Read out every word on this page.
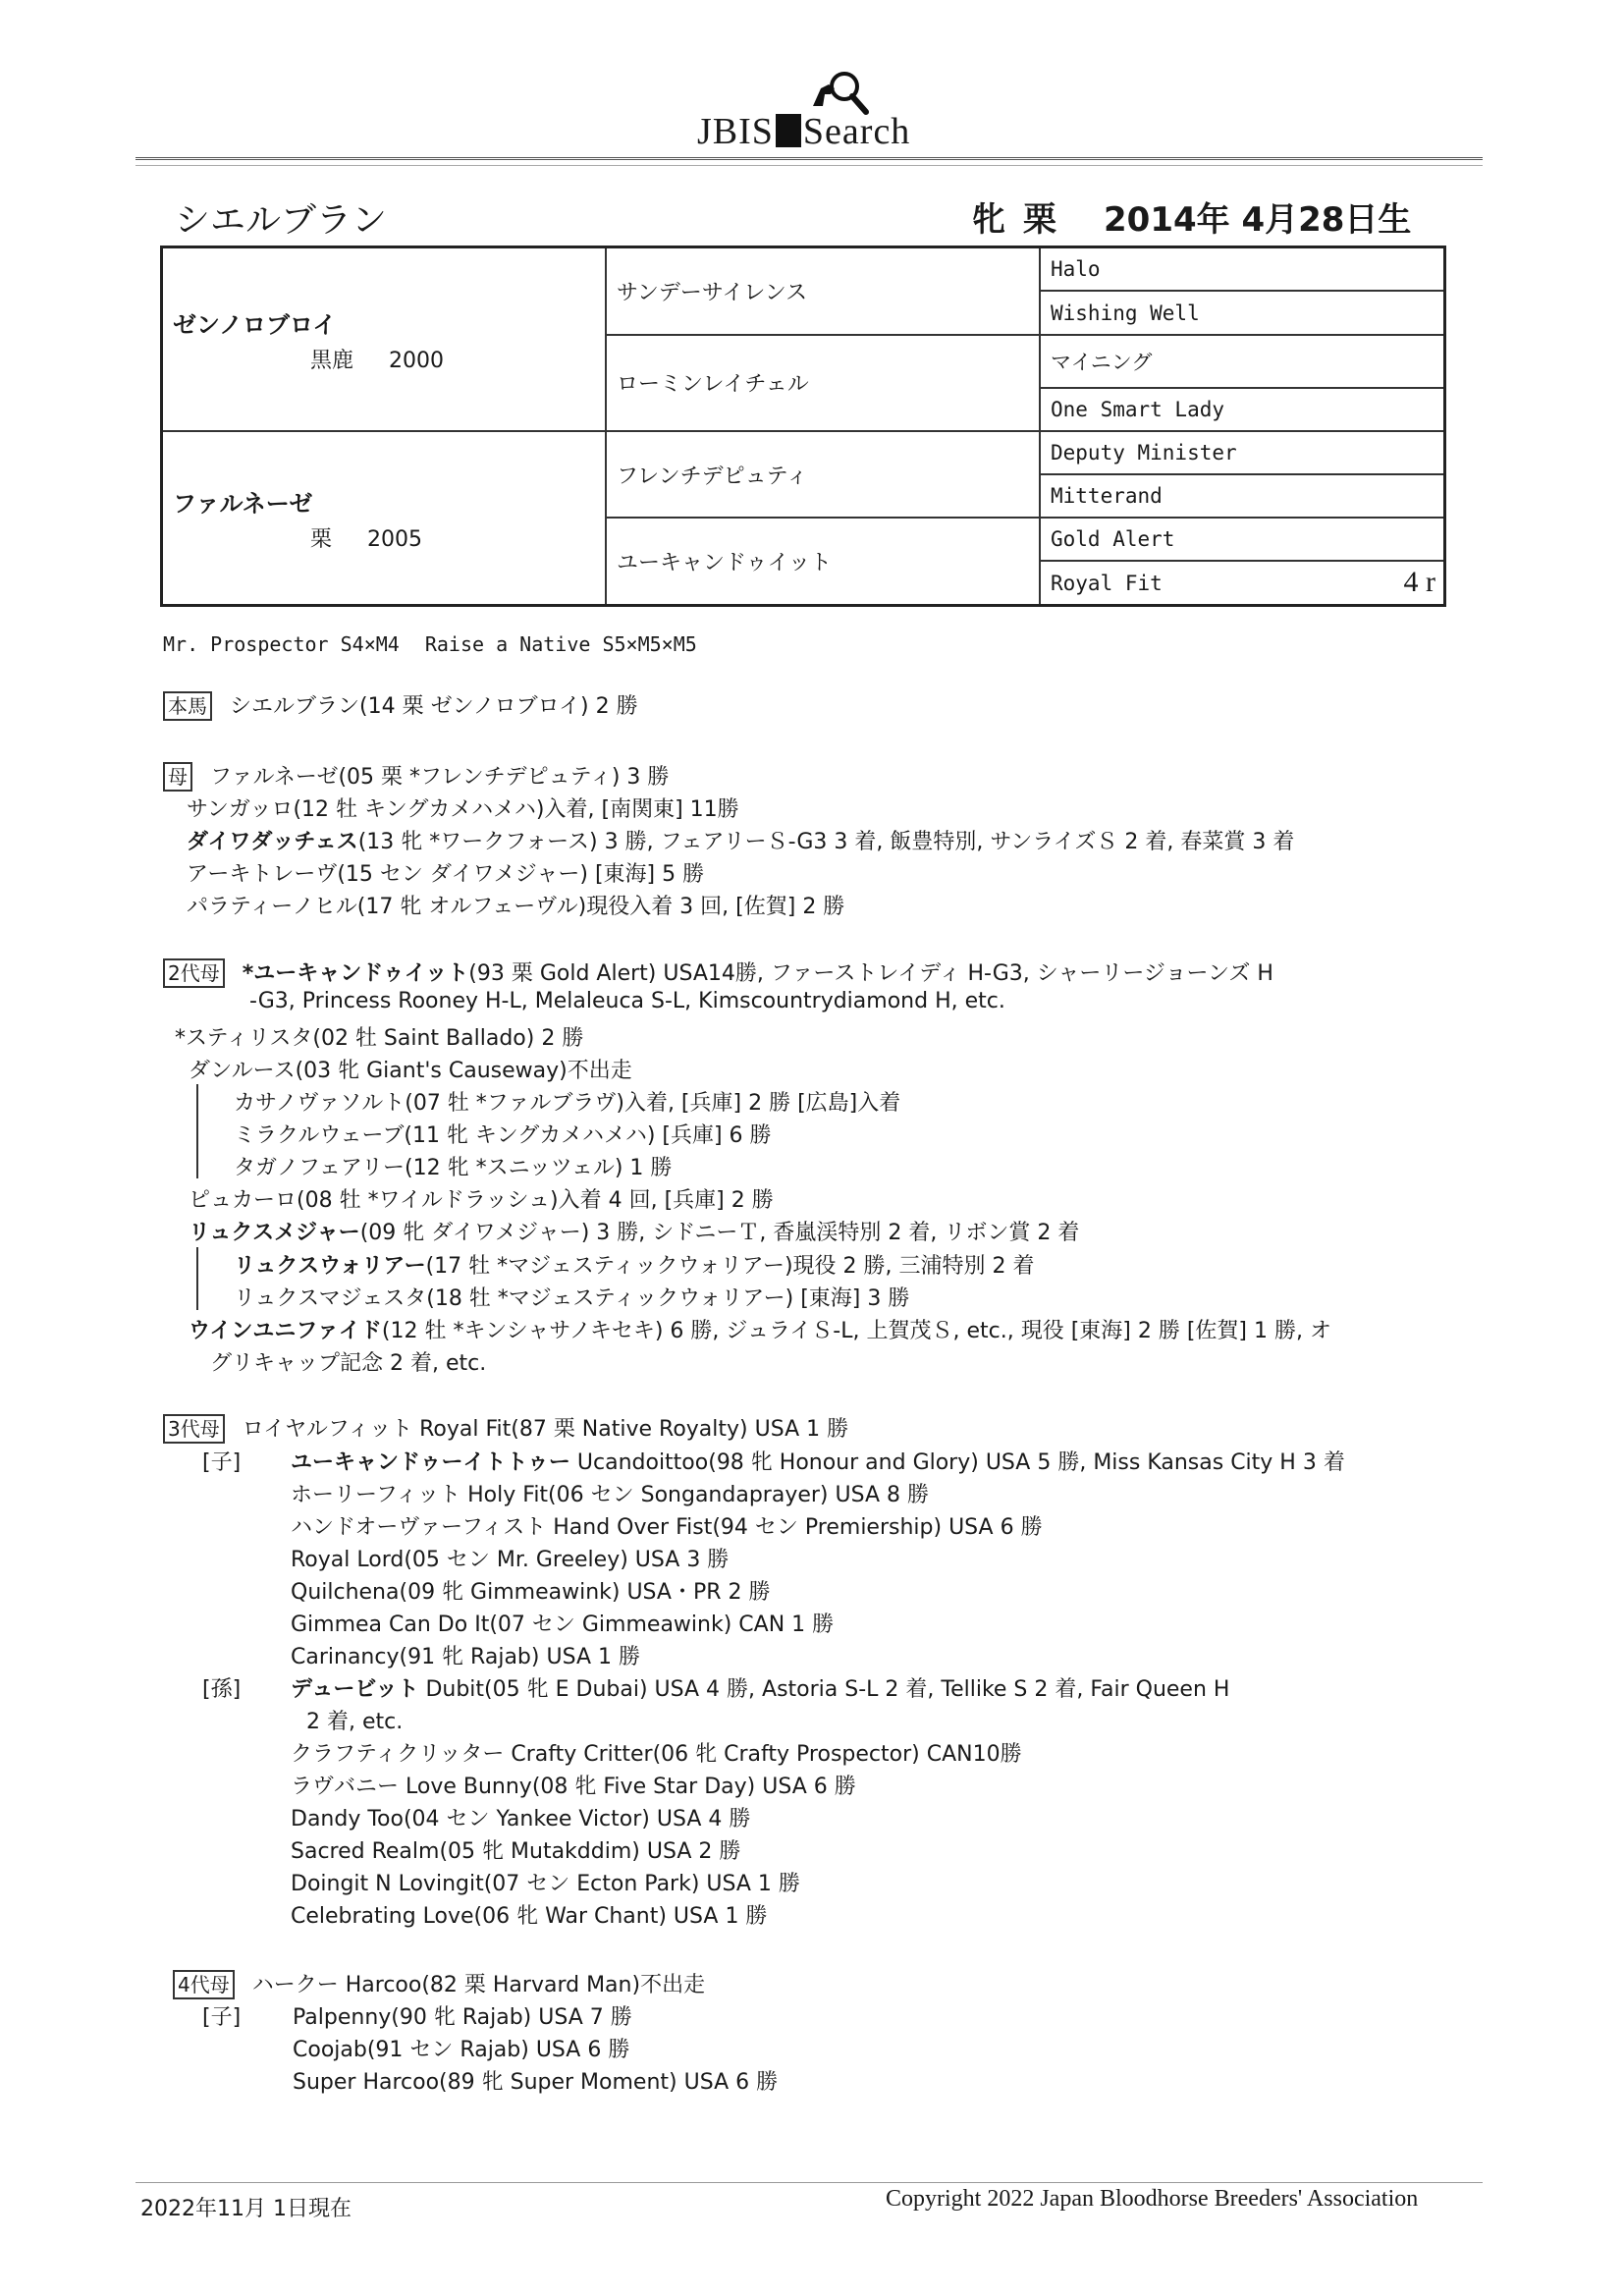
JBIS Search
シエルブラン	牝 栗 2014年 4月28日生
ゼンノロブロイ
黒鹿 2000	サンデーサイレンス	Halo
		Wishing Well
	ローミンレイチェル	マイニング
		One Smart Lady

ファルネーゼ
栗 2005	フレンチデピュティ	Deputy Minister
		Mitterand
	ユーキャンドゥイット	Gold Alert
		Royal Fit 4 r
Mr. Prospector S4×M4 Raise a Native S5×M5×M5
本馬 シエルブラン(14 栗 ゼンノロブロイ) 2 勝
母 ファルネーゼ(05 栗 *フレンチデピュティ) 3 勝
サンガッロ(12 牡 キングカメハメハ)入着, [南関東] 11勝
ダイワダッチェス(13 牝 *ワークフォース) 3 勝, フェアリーＳ-G3 3 着, 飯豊特別, サンライズＳ 2 着, 春菜賞 3 着
アーキトレーヴ(15 セン ダイワメジャー) [東海] 5 勝
パラティーノヒル(17 牝 オルフェーヴル)現役入着 3 回, [佐賀] 2 勝
2代母 *ユーキャンドゥイット(93 栗 Gold Alert) USA14勝, ファーストレイディ H-G3, シャーリージョーンズ H
-G3, Princess Rooney H-L, Melaleuca S-L, Kimscountrydiamond H, etc.
*スティリスタ(02 牡 Saint Ballado) 2 勝
ダンルース(03 牝 Giant's Causeway)不出走
カサノヴァソルト(07 牡 *ファルブラヴ)入着, [兵庫] 2 勝 [広島]入着
ミラクルウェーブ(11 牝 キングカメハメハ) [兵庫] 6 勝
タガノフェアリー(12 牝 *スニッツェル) 1 勝
ピュカーロ(08 牡 *ワイルドラッシュ)入着 4 回, [兵庫] 2 勝
リュクスメジャー(09 牝 ダイワメジャー) 3 勝, シドニーＴ, 香嵐渓特別 2 着, リボン賞 2 着
リュクスウォリアー(17 牡 *マジェスティックウォリアー)現役 2 勝, 三浦特別 2 着
リュクスマジェスタ(18 牡 *マジェスティックウォリアー) [東海] 3 勝
ウインユニファイド(12 牡 *キンシャサノキセキ) 6 勝, ジュライＳ-L, 上賀茂Ｓ, etc., 現役 [東海] 2 勝 [佐賀] 1 勝, オ
グリキャップ記念 2 着, etc.
3代母 ロイヤルフィット Royal Fit(87 栗 Native Royalty) USA 1 勝
[子] ユーキャンドゥーイトトゥー Ucandoittoo(98 牝 Honour and Glory) USA 5 勝, Miss Kansas City H 3 着
ホーリーフィット Holy Fit(06 セン Songandaprayer) USA 8 勝
ハンドオーヴァーフィスト Hand Over Fist(94 セン Premiership) USA 6 勝
Royal Lord(05 セン Mr. Greeley) USA 3 勝
Quilchena(09 牝 Gimmeawink) USA・PR 2 勝
Gimmea Can Do It(07 セン Gimmeawink) CAN 1 勝
Carinancy(91 牝 Rajab) USA 1 勝
[孫] デュービット Dubit(05 牝 E Dubai) USA 4 勝, Astoria S-L 2 着, Tellike S 2 着, Fair Queen H
2 着, etc.
クラフティクリッター Crafty Critter(06 牝 Crafty Prospector) CAN10勝
ラヴバニー Love Bunny(08 牝 Five Star Day) USA 6 勝
Dandy Too(04 セン Yankee Victor) USA 4 勝
Sacred Realm(05 牝 Mutakddim) USA 2 勝
Doingit N Lovingit(07 セン Ecton Park) USA 1 勝
Celebrating Love(06 牝 War Chant) USA 1 勝
4代母 ハークー Harcoo(82 栗 Harvard Man)不出走
[子] Palpenny(90 牝 Rajab) USA 7 勝
Coojab(91 セン Rajab) USA 6 勝
Super Harcoo(89 牝 Super Moment) USA 6 勝
2022年11月 1日現在	Copyright 2022 Japan Bloodhorse Breeders' Association
